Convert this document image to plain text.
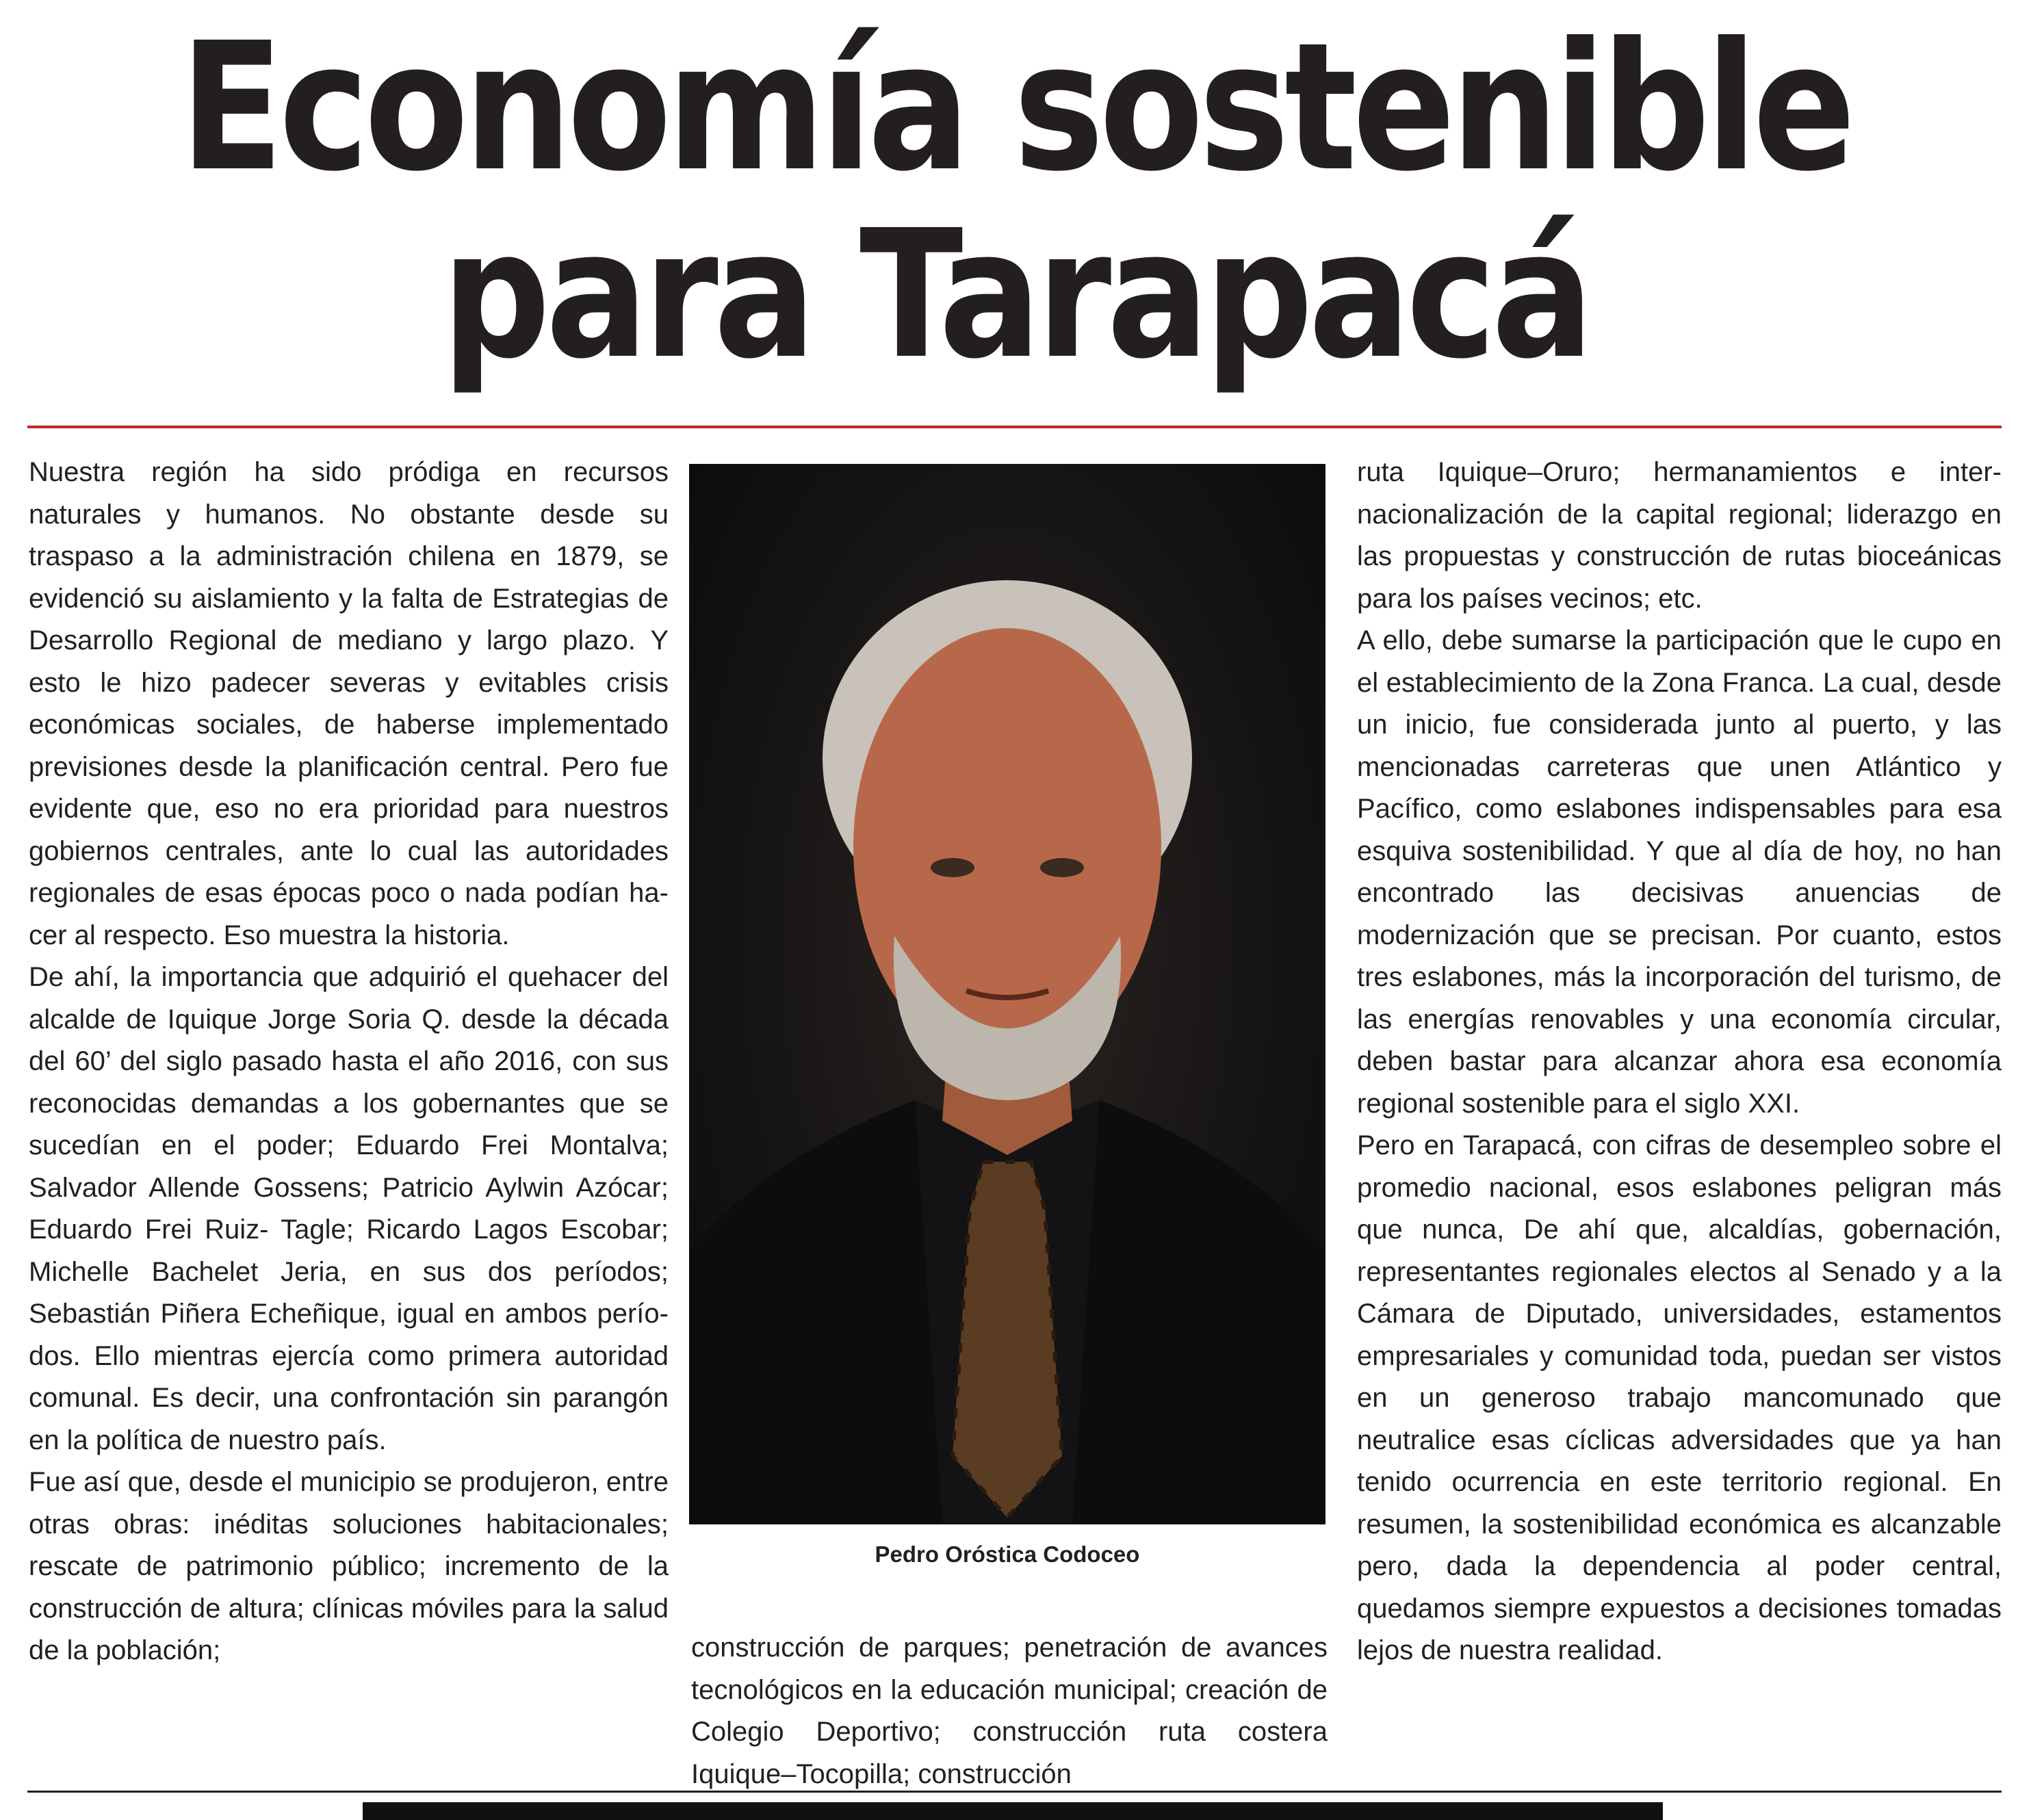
Economía sostenible
para Tarapacá

Nuestra región ha sido pródiga en recursos naturales y humanos. No obstante desde su traspaso a la administración chilena en 1879, se evidenció su aislamiento y la falta de Estrategias de Desarrollo Regional de mediano y largo plazo. Y esto le hizo padecer severas y evitables crisis económicas sociales, de haberse implementado previsiones desde la planificación central. Pero fue evidente que, eso no era prioridad para nuestros gobiernos centrales, ante lo cual las autoridades regionales de esas épocas poco o nada podían hacer al respecto. Eso muestra la historia.

De ahí, la importancia que adquirió el quehacer del alcalde de Iquique Jorge Soria Q. desde la década del 60’ del siglo pasado hasta el año 2016, con sus reconocidas demandas a los gobernantes que se sucedían en el poder; Eduardo Frei Montalva; Salvador Allende Gossens; Patricio Aylwin Azócar; Eduardo Frei Ruiz- Tagle; Ricardo Lagos Escobar; Michelle Bachelet Jeria, en sus dos períodos; Sebastián Piñera Echeñique, igual en ambos períodos. Ello mientras ejercía como primera autoridad comunal. Es decir, una confrontación sin parangón en la política de nuestro país.

Fue así que, desde el municipio se produjeron, entre otras obras: inéditas soluciones habitacionales; rescate de patrimonio público; incremento de la construcción de altura; clínicas móviles para la salud de la población;

Pedro Oróstica Codoceo

construcción de parques; penetración de avances tecnológicos en la educación municipal; creación de Colegio Deportivo; construcción ruta costera Iquique–Tocopilla; construcción

ruta Iquique–Oruro; hermanamientos e internacionalización de la capital regional; liderazgo en las propuestas y construcción de rutas bioceánicas para los países vecinos; etc.

A ello, debe sumarse la participación que le cupo en el establecimiento de la Zona Franca. La cual, desde un inicio, fue considerada junto al puerto, y las mencionadas carreteras que unen Atlántico y Pacífico, como eslabones indispensables para esa esquiva sostenibilidad. Y que al día de hoy, no han encontrado las decisivas anuencias de modernización que se precisan. Por cuanto, estos tres eslabones, más la incorporación del turismo, de las energías renovables y una economía circular, deben bastar para alcanzar ahora esa economía regional sostenible para el siglo XXI.

Pero en Tarapacá, con cifras de desempleo sobre el promedio nacional, esos eslabones peligran más que nunca, De ahí que, alcaldías, gobernación, representantes regionales electos al Senado y a la Cámara de Diputado, universidades, estamentos empresariales y comunidad toda, puedan ser vistos en un generoso trabajo mancomunado que neutralice esas cíclicas adversidades que ya han tenido ocurrencia en este territorio regional. En resumen, la sostenibilidad económica es alcanzable pero, dada la dependencia al poder central, quedamos siempre expuestos a decisiones tomadas lejos de nuestra realidad.
